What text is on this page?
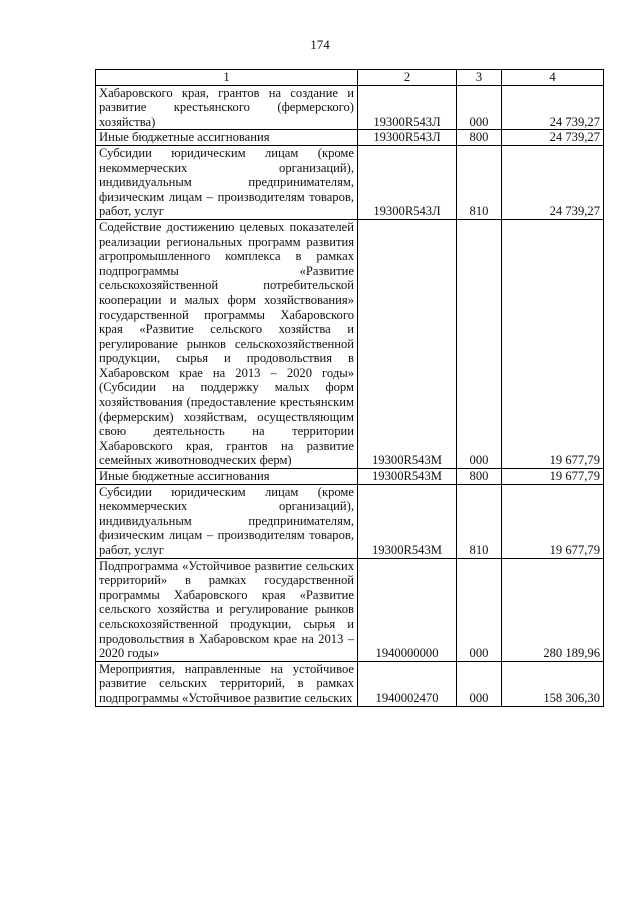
174
1	2	3	4
Хабаровского края, грантов на создание и развитие крестьянского (фермерского) хозяйства)	19300R543Л	000	24 739,27
Иные бюджетные ассигнования	19300R543Л	800	24 739,27
Субсидии юридическим лицам (кроме некоммерческих организаций), индивидуальным предпринимателям, физическим лицам – производителям товаров, работ, услуг	19300R543Л	810	24 739,27
Содействие достижению целевых показателей реализации региональных программ развития агропромышленного комплекса в рамках подпрограммы «Развитие сельскохозяйственной потребительской кооперации и малых форм хозяйствования» государственной программы Хабаровского края «Развитие сельского хозяйства и регулирование рынков сельскохозяйственной продукции, сырья и продовольствия в Хабаровском крае на 2013 – 2020 годы» (Субсидии на поддержку малых форм хозяйствования (предоставление крестьянским (фермерским) хозяйствам, осуществляющим свою деятельность на территории Хабаровского края, грантов на развитие семейных животноводческих ферм)	19300R543М	000	19 677,79
Иные бюджетные ассигнования	19300R543М	800	19 677,79
Субсидии юридическим лицам (кроме некоммерческих организаций), индивидуальным предпринимателям, физическим лицам – производителям товаров, работ, услуг	19300R543М	810	19 677,79
Подпрограмма «Устойчивое развитие сельских территорий» в рамках государственной программы Хабаровского края «Развитие сельского хозяйства и регулирование рынков сельскохозяйственной продукции, сырья и продовольствия в Хабаровском крае на 2013 – 2020 годы»	1940000000	000	280 189,96
Мероприятия, направленные на устойчивое развитие сельских территорий, в рамках подпрограммы «Устойчивое развитие сельских	1940002470	000	158 306,30
